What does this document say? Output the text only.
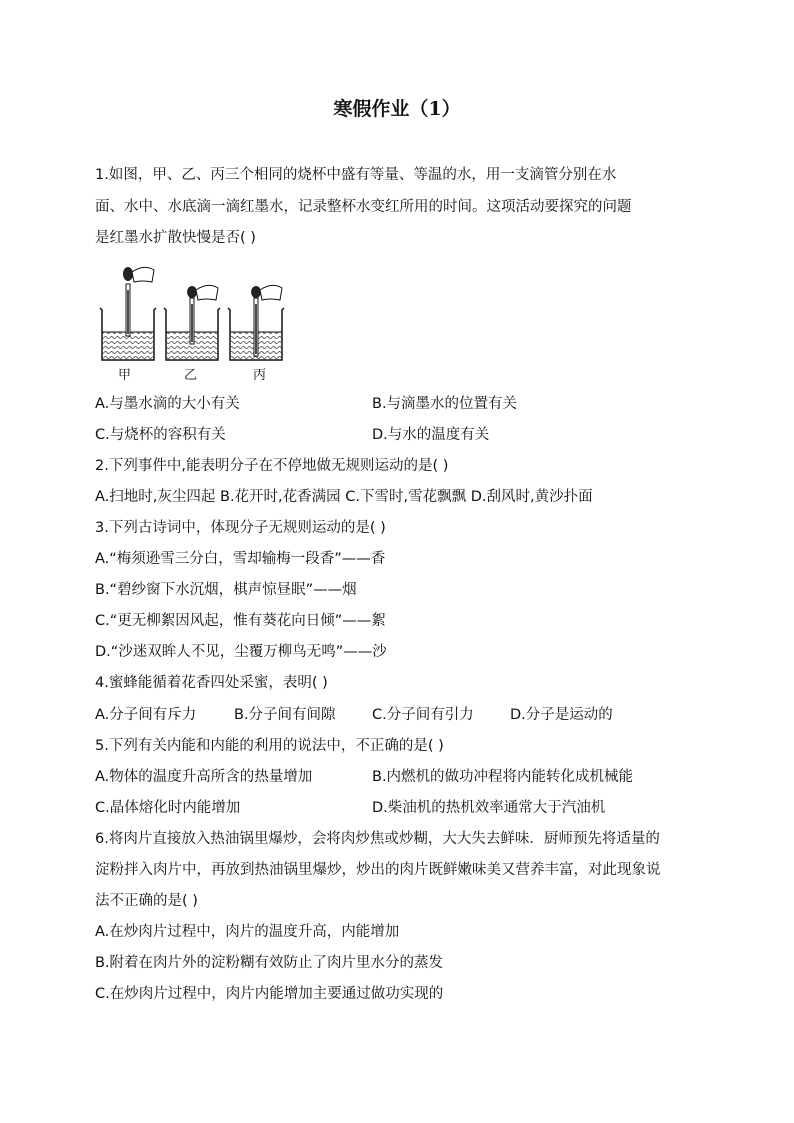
寒假作业（1）
1.如图，甲、乙、丙三个相同的烧杯中盛有等量、等温的水，用一支滴管分别在水
面、水中、水底滴一滴红墨水，记录整杯水变红所用的时间。这项活动要探究的问题
是红墨水扩散快慢是否( )
甲	乙	丙
A.与墨水滴的大小有关	B.与滴墨水的位置有关
C.与烧杯的容积有关	D.与水的温度有关
2.下列事件中,能表明分子在不停地做无规则运动的是( )
A.扫地时,灰尘四起 B.花开时,花香满园 C.下雪时,雪花飘飘 D.刮风时,黄沙扑面
3.下列古诗词中，体现分子无规则运动的是( )
A.“梅须逊雪三分白，雪却输梅一段香”——香
B.“碧纱窗下水沉烟，棋声惊昼眠”——烟
C.“更无柳絮因风起，惟有葵花向日倾”——絮
D.“沙迷双眸人不见，尘覆万柳鸟无鸣”——沙
4.蜜蜂能循着花香四处采蜜，表明( )
A.分子间有斥力	B.分子间有间隙	C.分子间有引力	D.分子是运动的
5.下列有关内能和内能的利用的说法中，不正确的是( )
A.物体的温度升高所含的热量增加	B.内燃机的做功冲程将内能转化成机械能
C.晶体熔化时内能增加	D.柴油机的热机效率通常大于汽油机
6.将肉片直接放入热油锅里爆炒，会将肉炒焦或炒糊，大大失去鲜味．厨师预先将适量的
淀粉拌入肉片中，再放到热油锅里爆炒，炒出的肉片既鲜嫩味美又营养丰富，对此现象说
法不正确的是( )
A.在炒肉片过程中，肉片的温度升高，内能增加
B.附着在肉片外的淀粉糊有效防止了肉片里水分的蒸发
C.在炒肉片过程中，肉片内能增加主要通过做功实现的
